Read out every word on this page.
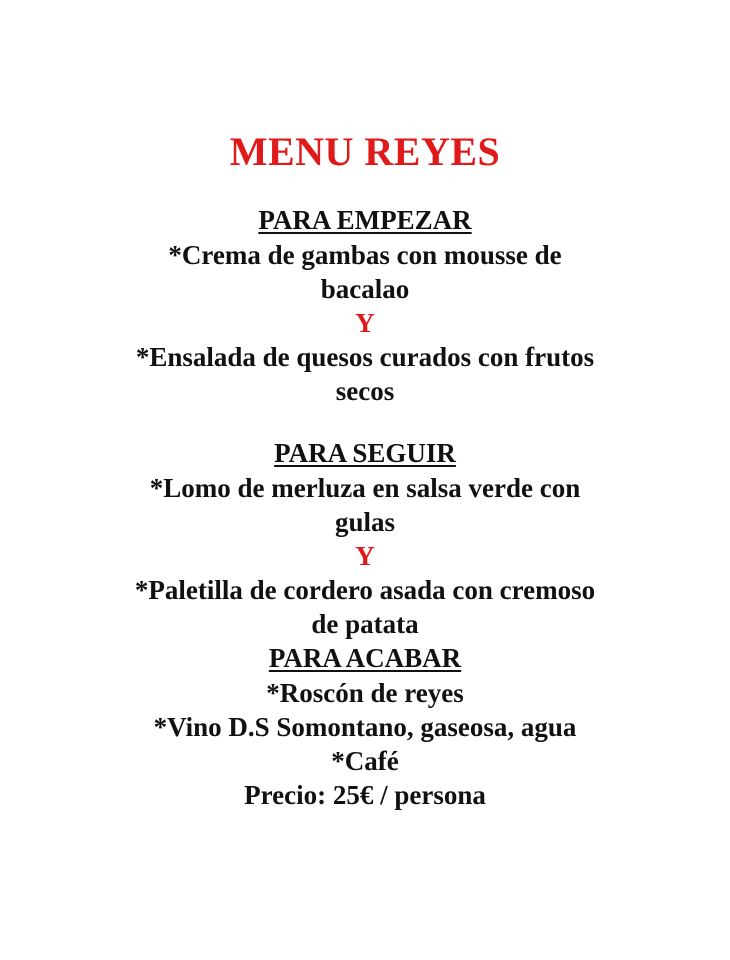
MENU REYES
PARA EMPEZAR
*Crema de gambas con mousse de
bacalao
Y
*Ensalada de quesos curados con frutos
secos
PARA SEGUIR
*Lomo de merluza en salsa verde con
gulas
Y
*Paletilla de cordero asada con cremoso
de patata
PARA ACABAR
*Roscón de reyes
*Vino D.S Somontano, gaseosa, agua
*Café
Precio: 25€ / persona
